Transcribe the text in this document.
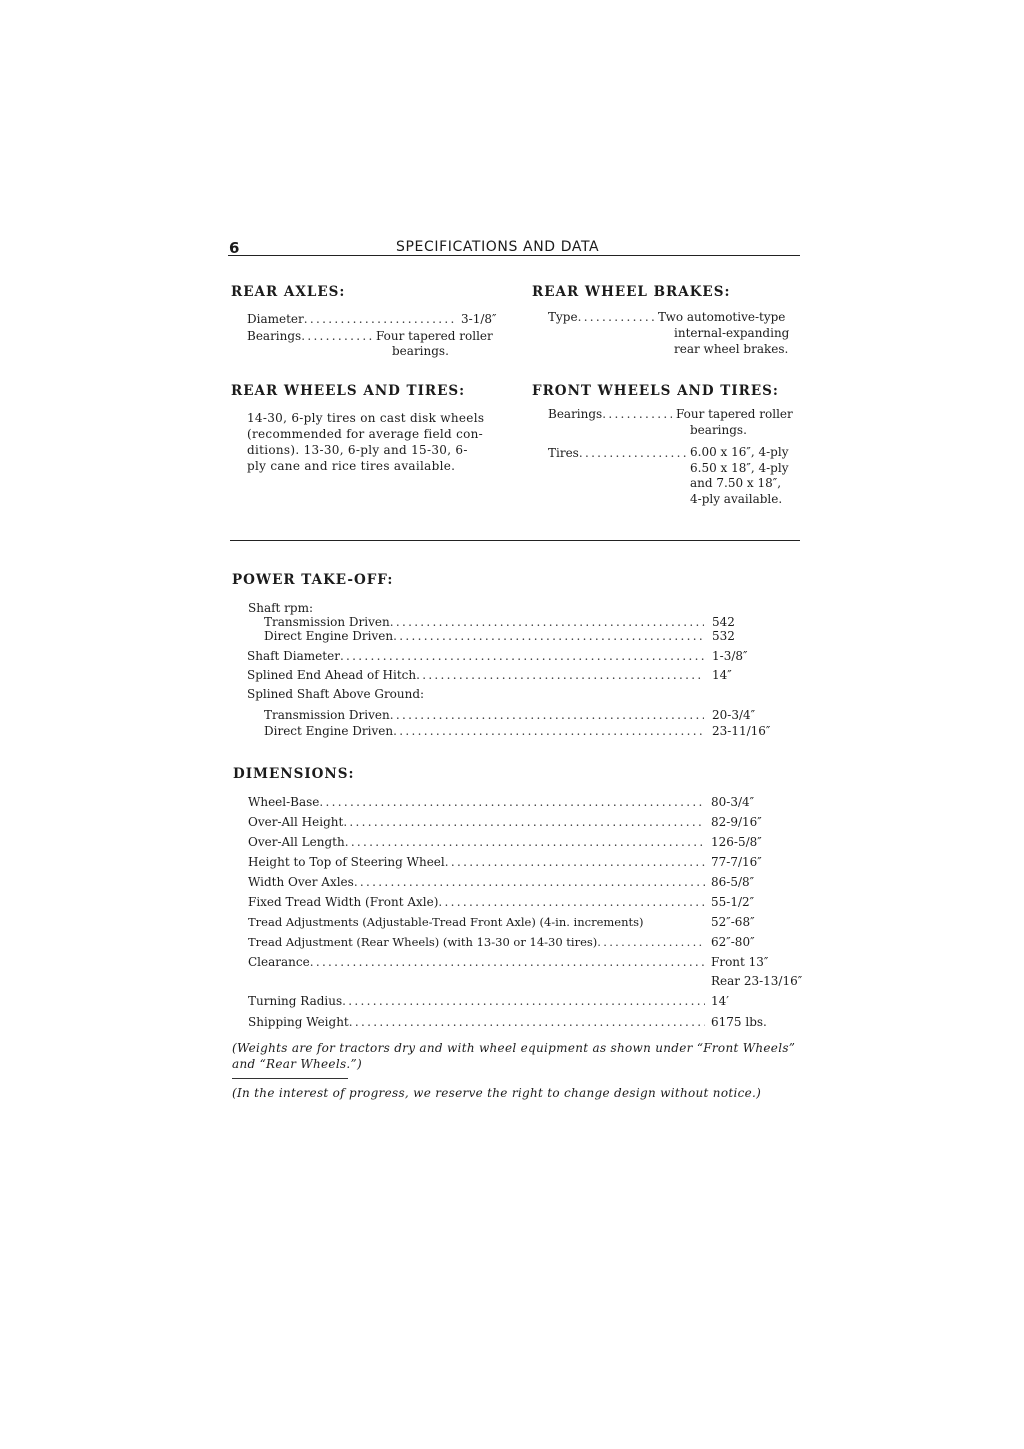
6	SPECIFICATIONS AND DATA
REAR AXLES:
Diameter .....	3-1/8″
Bearings .....	Four tapered roller
bearings.
REAR WHEEL BRAKES:
Type .....	Two automotive-type
internal-expanding
rear wheel brakes.
REAR WHEELS AND TIRES:
14-30, 6-ply tires on cast disk wheels
(recommended for average field con-
ditions). 13-30, 6-ply and 15-30, 6-
ply cane and rice tires available.
FRONT WHEELS AND TIRES:
Bearings .....	Four tapered roller
bearings.
Tires .....	6.00 x 16″, 4-ply
6.50 x 18″, 4-ply
and 7.50 x 18″,
4-ply available.
POWER TAKE-OFF:
Shaft rpm:
Transmission Driven .....	542
Direct Engine Driven .....	532
Shaft Diameter .....	1-3/8″
Splined End Ahead of Hitch .....	14″
Splined Shaft Above Ground:
Transmission Driven .....	20-3/4″
Direct Engine Driven .....	23-11/16″
DIMENSIONS:
Wheel-Base .....	80-3/4″
Over-All Height .....	82-9/16″
Over-All Length .....	126-5/8″
Height to Top of Steering Wheel .....	77-7/16″
Width Over Axles .....	86-5/8″
Fixed Tread Width (Front Axle) .....	55-1/2″
Tread Adjustments (Adjustable-Tread Front Axle) (4-in. increments)	52″-68″
Tread Adjustment (Rear Wheels) (with 13-30 or 14-30 tires) .....	62″-80″
Clearance .....	Front 13″
Rear 23-13/16″
Turning Radius .....	14′
Shipping Weight .....	6175 lbs.
(Weights are for tractors dry and with wheel equipment as shown under “Front Wheels”
and “Rear Wheels.”)
(In the interest of progress, we reserve the right to change design without notice.)
